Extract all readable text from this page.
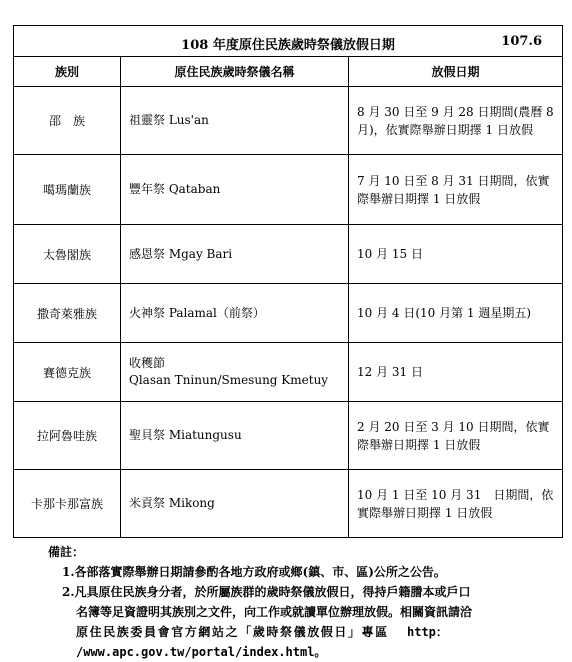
108 年度原住民族歲時祭儀放假日期 107.6		

族別	原住民族歲時祭儀名稱	放假日期
邵　族	祖靈祭 Lus'an	8 月 30 日至 9 月 28 日期間(農曆 8
月)，依實際舉辦日期擇 1 日放假

噶瑪蘭族	豐年祭 Qataban	7 月 10 日至 8 月 31 日期間，依實
際舉辦日期擇 1 日放假

太魯閣族	感恩祭 Mgay Bari	10 月 15 日

撒奇萊雅族	火神祭 Palamal（前祭）	10 月 4 日(10 月第 1 週星期五)

賽德克族	收穫節
Qlasan Tninun/Smesung Kmetuy	12 月 31 日

拉阿魯哇族	聖貝祭 Miatungusu	2 月 20 日至 3 月 10 日期間，依實
際舉辦日期擇 1 日放假

卡那卡那富族	米貢祭 Mikong	10 月 1 日至 10 月 31　日期間，依
實際舉辦日期擇 1 日放假

備註：

1.各部落實際舉辦日期請參酌各地方政府或鄉(鎮、市、區)公所之公告。

2.凡具原住民族身分者，於所屬族群的歲時祭儀放假日，得持戶籍謄本或戶口

名簿等足資證明其族別之文件，向工作或就讀單位辦理放假。相關資訊請洽

原住民族委員會官方網站之「歲時祭儀放假日」專區 http：

/www.apc.gov.tw/portal/index.html。
